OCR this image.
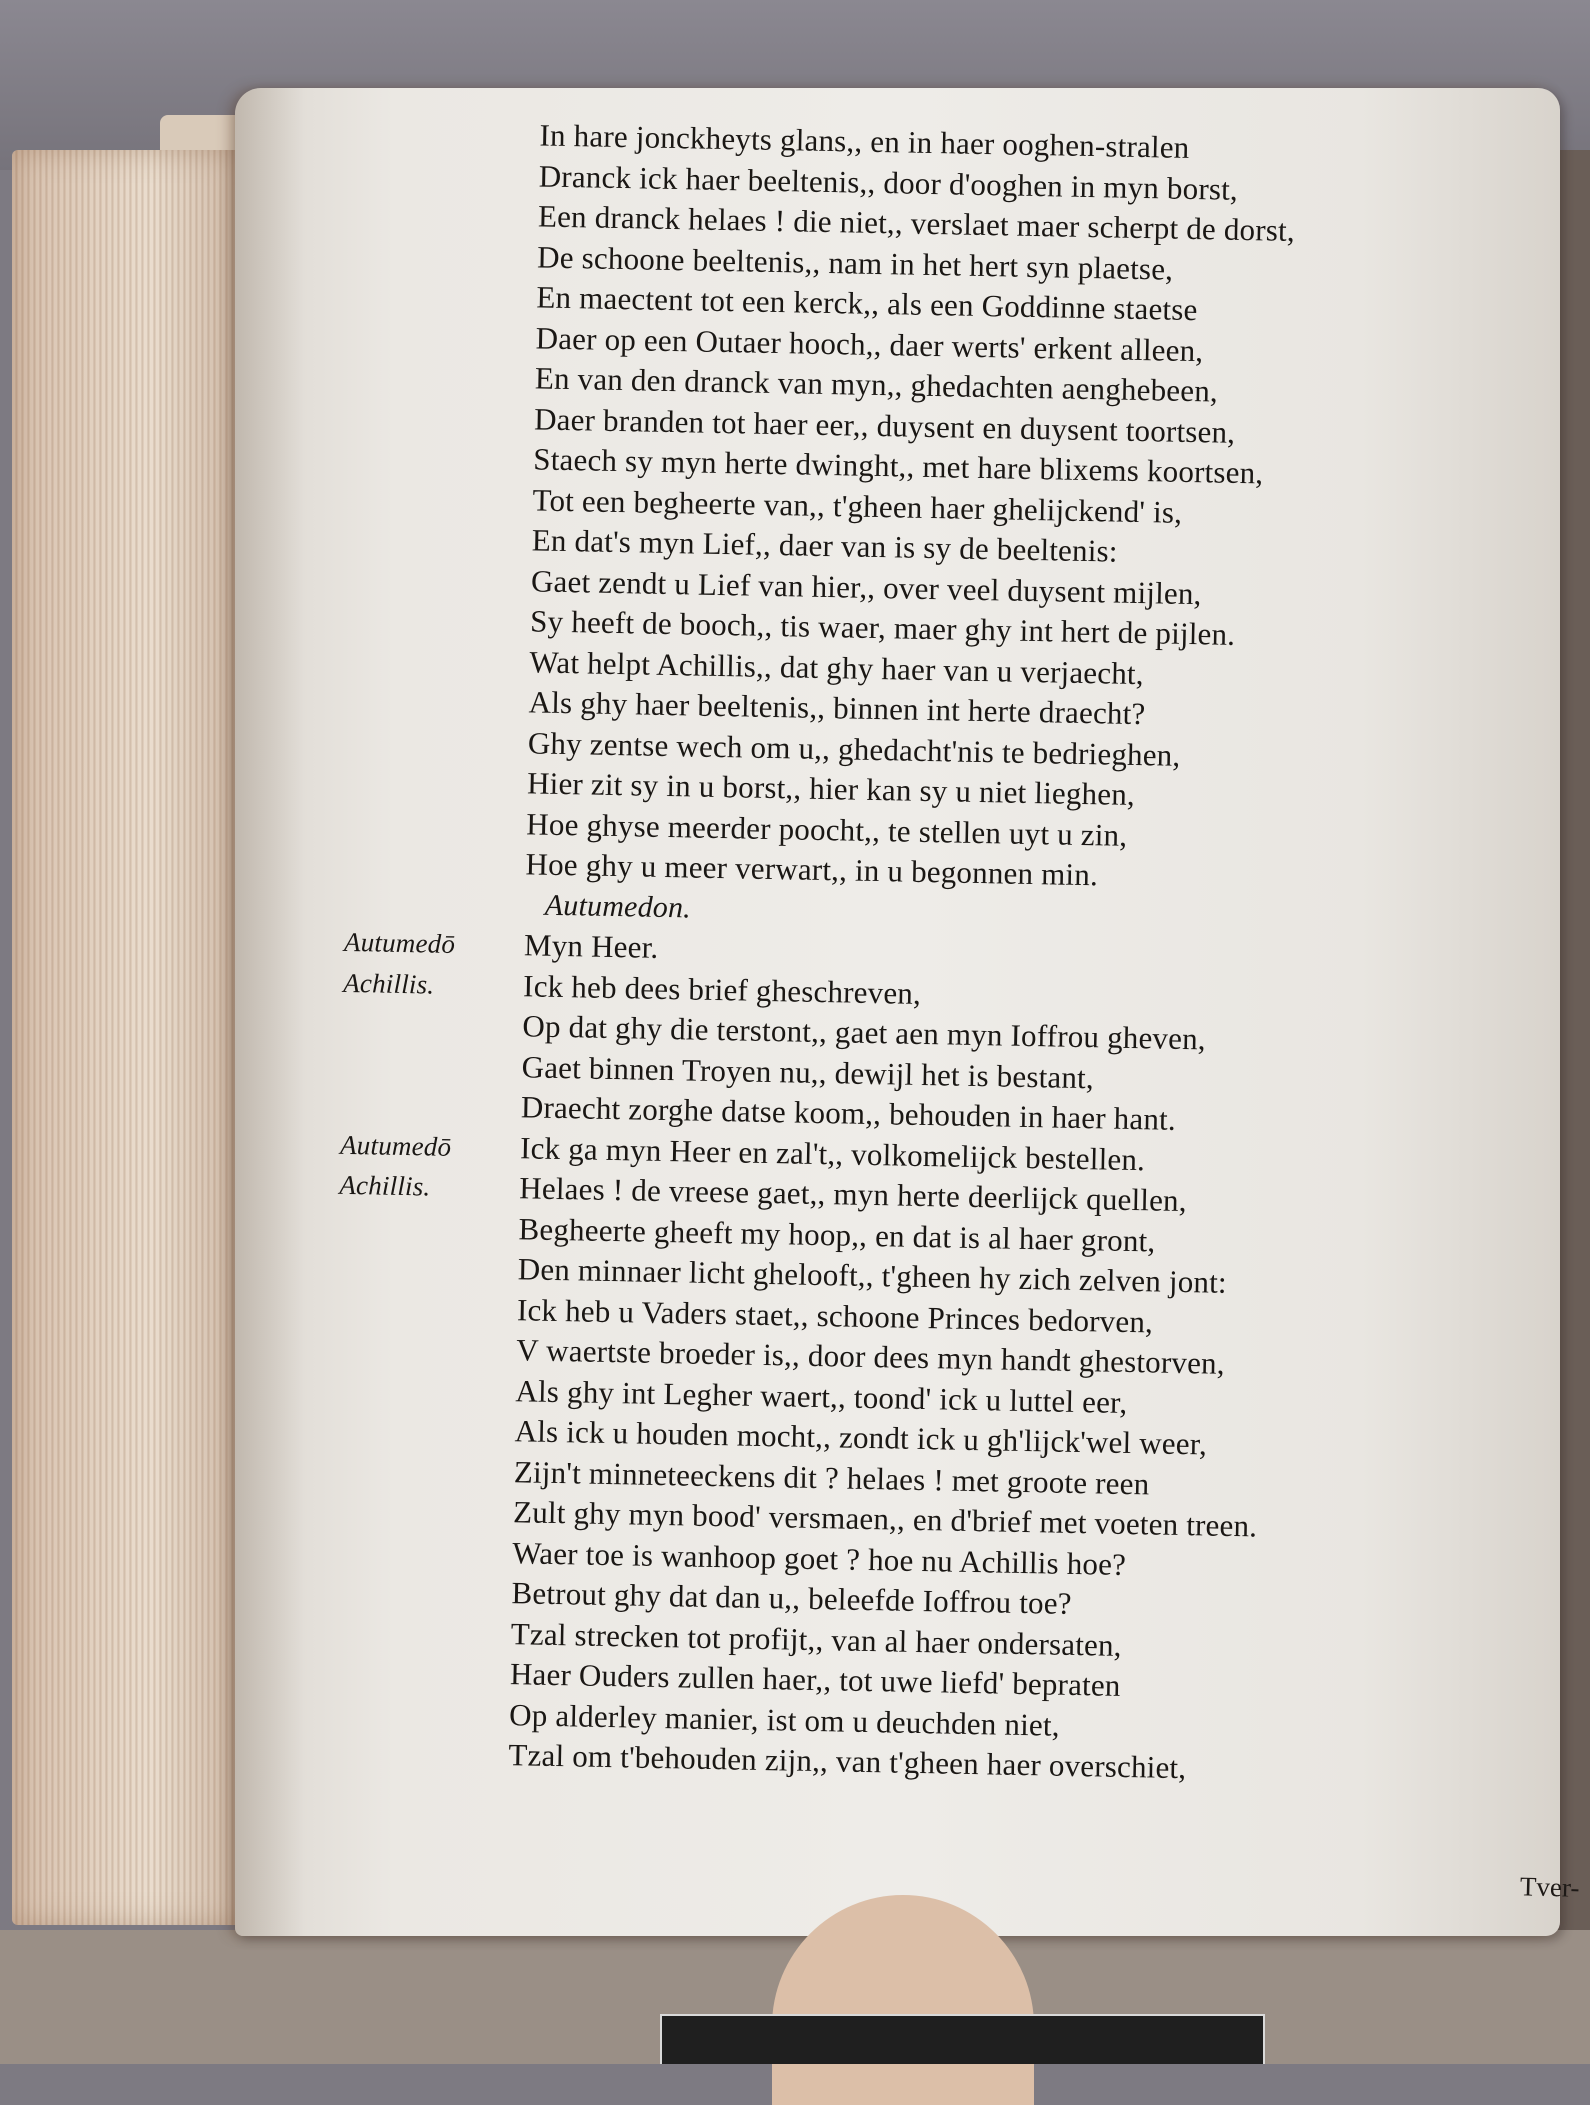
In hare jonckheyts glans,, en in haer ooghen-stralen
Dranck ick haer beeltenis,, door d'ooghen in myn borst,
Een dranck helaes ! die niet,, verslaet maer scherpt de dorst,
De schoone beeltenis,, nam in het hert syn plaetse,
En maectent tot een kerck,, als een Goddinne staetse
Daer op een Outaer hooch,, daer werts' erkent alleen,
En van den dranck van myn,, ghedachten aenghebeen,
Daer branden tot haer eer,, duysent en duysent toortsen,
Staech sy myn herte dwinght,, met hare blixems koortsen,
Tot een begheerte van,, t'gheen haer ghelijckend' is,
En dat's myn Lief,, daer van is sy de beeltenis:
Gaet zendt u Lief van hier,, over veel duysent mijlen,
Sy heeft de booch,, tis waer, maer ghy int hert de pijlen.
Wat helpt Achillis,, dat ghy haer van u verjaecht,
Als ghy haer beeltenis,, binnen int herte draecht?
Ghy zentse wech om u,, ghedacht'nis te bedrieghen,
Hier zit sy in u borst,, hier kan sy u niet lieghen,
Hoe ghyse meerder poocht,, te stellen uyt u zin,
Hoe ghy u meer verwart,, in u begonnen min.
Autumedon.
Autumedō	Myn Heer.
Achillis.	Ick heb dees brief gheschreven,
Op dat ghy die terstont,, gaet aen myn Ioffrou gheven,
Gaet binnen Troyen nu,, dewijl het is bestant,
Draecht zorghe datse koom,, behouden in haer hant.
Autumedō	Ick ga myn Heer en zal't,, volkomelijck bestellen.
Achillis.	Helaes ! de vreese gaet,, myn herte deerlijck quellen,
Begheerte gheeft my hoop,, en dat is al haer gront,
Den minnaer licht ghelooft,, t'gheen hy zich zelven jont:
Ick heb u Vaders staet,, schoone Princes bedorven,
V waertste broeder is,, door dees myn handt ghestorven,
Als ghy int Legher waert,, toond' ick u luttel eer,
Als ick u houden mocht,, zondt ick u gh'lijck'wel weer,
Zijn't minneteeckens dit ? helaes ! met groote reen
Zult ghy myn bood' versmaen,, en d'brief met voeten treen.
Waer toe is wanhoop goet ? hoe nu Achillis hoe?
Betrout ghy dat dan u,, beleefde Ioffrou toe?
Tzal strecken tot profijt,, van al haer ondersaten,
Haer Ouders zullen haer,, tot uwe liefd' bepraten
Op alderley manier, ist om u deuchden niet,
Tzal om t'behouden zijn,, van t'gheen haer overschiet,
Tver-
